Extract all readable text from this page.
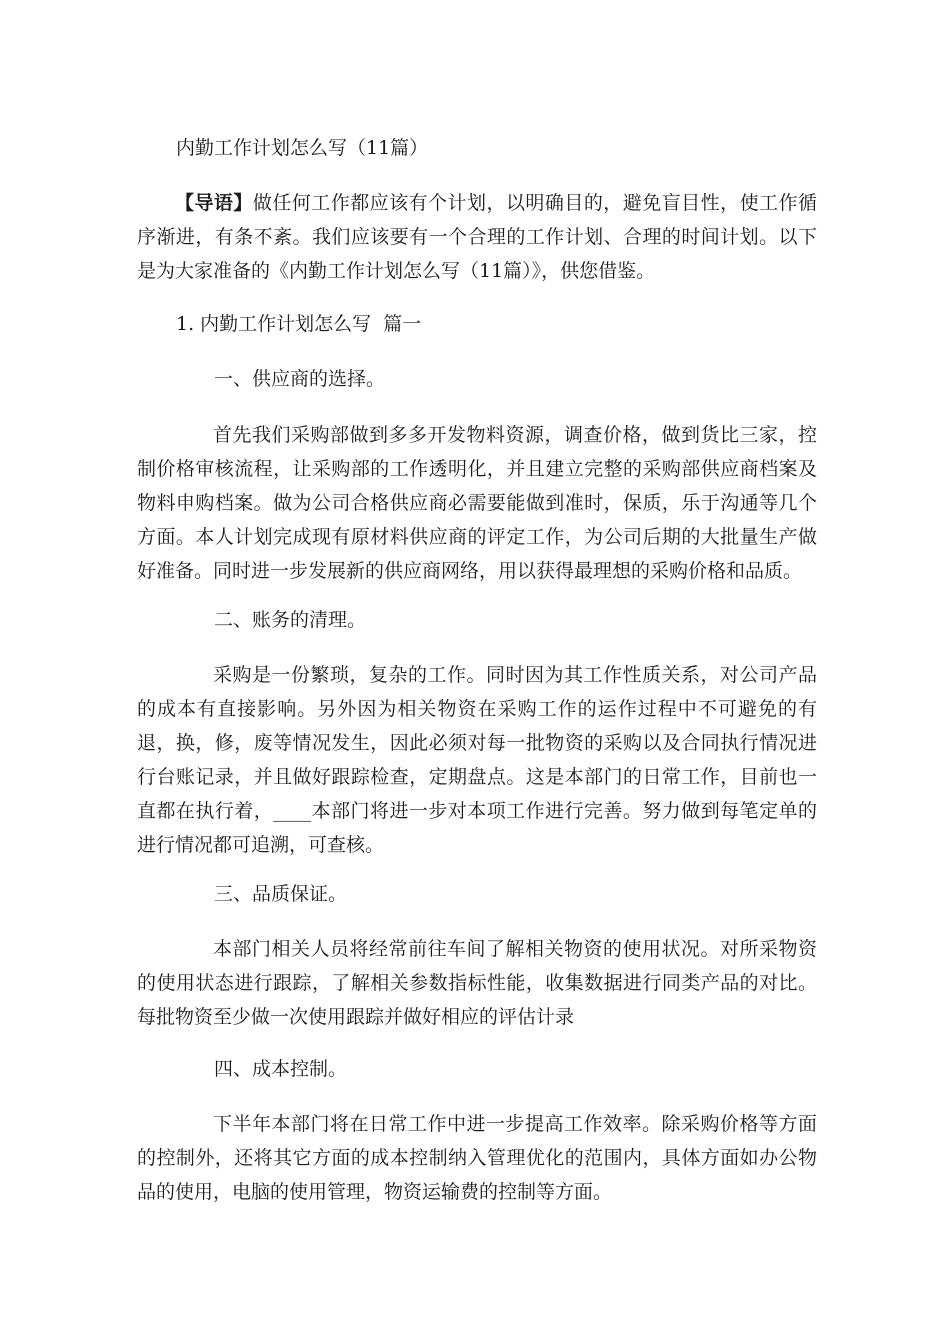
内勤工作计划怎么写（11篇）

【导语】做任何工作都应该有个计划，以明确目的，避免盲目性，使工作循序渐进，有条不紊。我们应该要有一个合理的工作计划、合理的时间计划。以下是为大家准备的《内勤工作计划怎么写（11篇）》，供您借鉴。

1. 内勤工作计划怎么写  篇一
一、供应商的选择。

首先我们采购部做到多多开发物料资源，调查价格，做到货比三家，控制价格审核流程，让采购部的工作透明化，并且建立完整的采购部供应商档案及物料申购档案。做为公司合格供应商必需要能做到准时，保质，乐于沟通等几个方面。本人计划完成现有原材料供应商的评定工作，为公司后期的大批量生产做好准备。同时进一步发展新的供应商网络，用以获得最理想的采购价格和品质。

二、账务的清理。

采购是一份繁琐，复杂的工作。同时因为其工作性质关系，对公司产品的成本有直接影响。另外因为相关物资在采购工作的运作过程中不可避免的有退，换，修，废等情况发生，因此必须对每一批物资的采购以及合同执行情况进行台账记录，并且做好跟踪检查，定期盘点。这是本部门的日常工作，目前也一直都在执行着，____本部门将进一步对本项工作进行完善。努力做到每笔定单的进行情况都可追溯，可查核。

三、品质保证。

本部门相关人员将经常前往车间了解相关物资的使用状况。对所采物资的使用状态进行跟踪，了解相关参数指标性能，收集数据进行同类产品的对比。每批物资至少做一次使用跟踪并做好相应的评估计录

四、成本控制。

下半年本部门将在日常工作中进一步提高工作效率。除采购价格等方面的控制外，还将其它方面的成本控制纳入管理优化的范围内，具体方面如办公物品的使用，电脑的使用管理，物资运输费的控制等方面。
